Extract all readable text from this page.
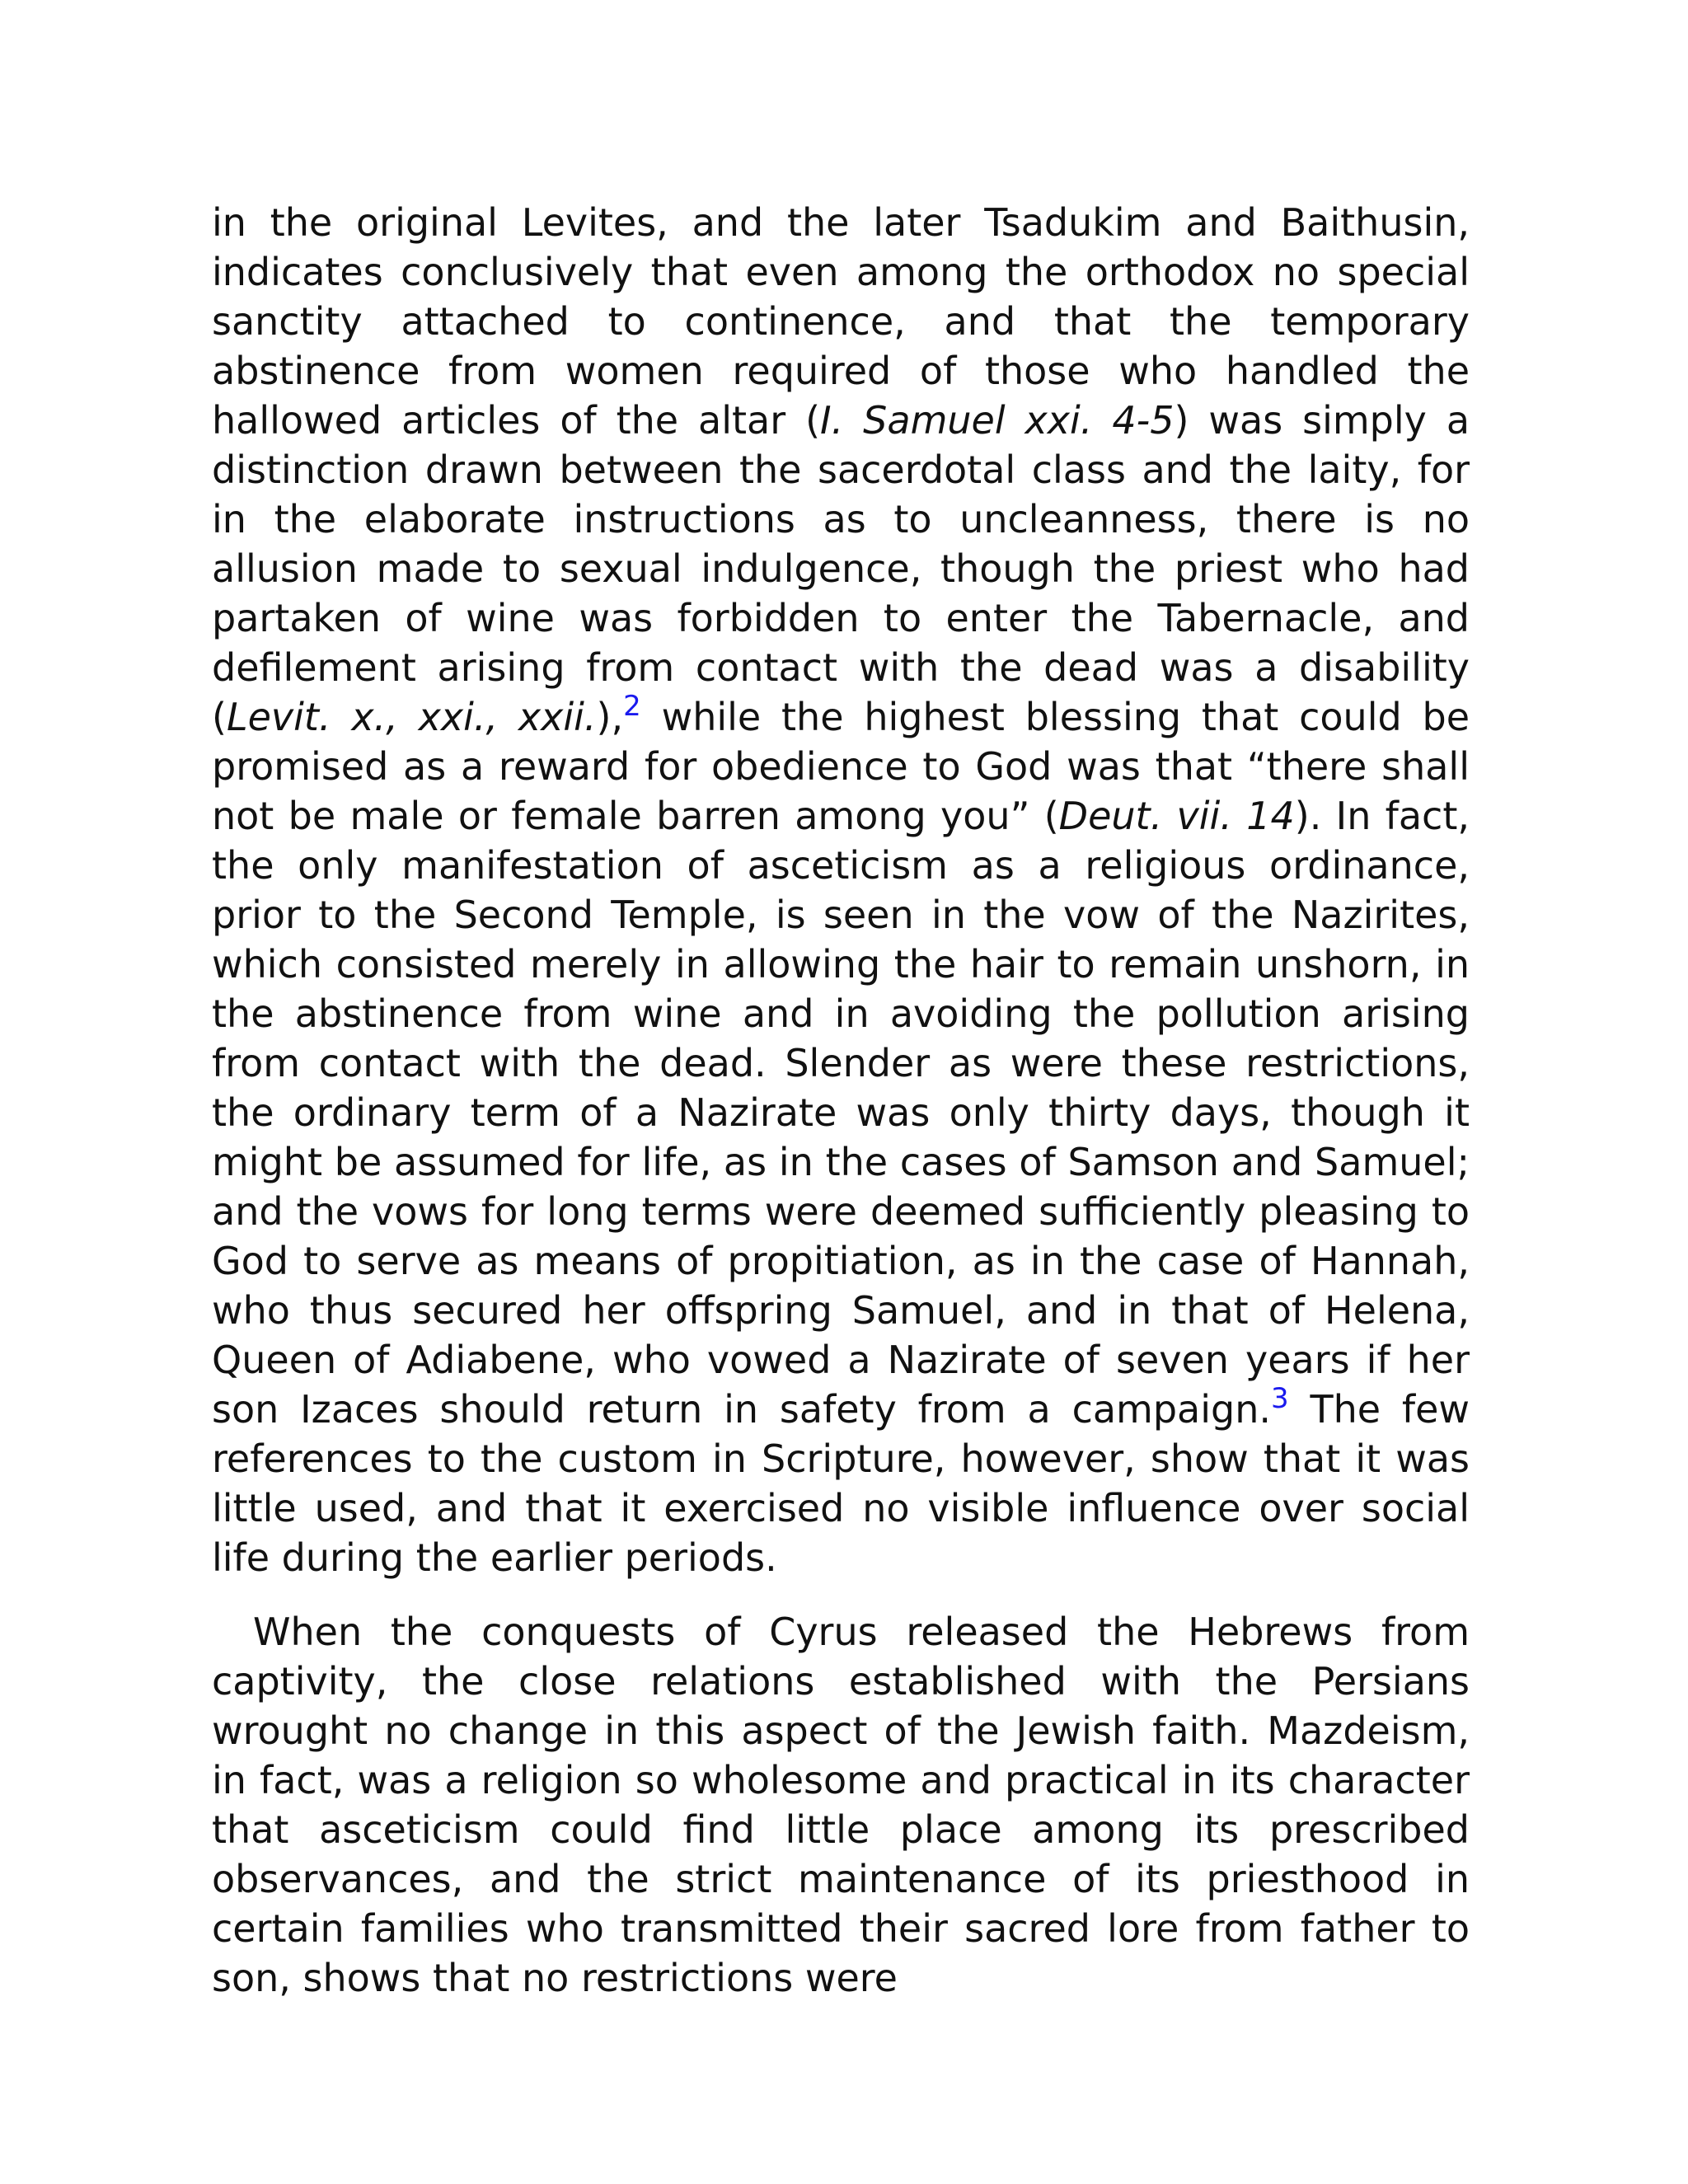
in the original Levites, and the later Tsadukim and Baithusin, indicates conclusively that even among the orthodox no special sanctity attached to continence, and that the temporary abstinence from women required of those who handled the hallowed articles of the altar (I. Samuel xxi. 4-5) was simply a distinction drawn between the sacerdotal class and the laity, for in the elaborate instructions as to uncleanness, there is no allusion made to sexual indulgence, though the priest who had partaken of wine was forbidden to enter the Tabernacle, and defilement arising from contact with the dead was a disability (Levit. x., xxi., xxii.),$^2$ while the highest blessing that could be promised as a reward for obedience to God was that “there shall not be male or female barren among you” (Deut. vii. 14). In fact, the only manifestation of asceticism as a religious ordinance, prior to the Second Temple, is seen in the vow of the Nazirites, which consisted merely in allowing the hair to remain unshorn, in the abstinence from wine and in avoiding the pollution arising from contact with the dead. Slender as were these restrictions, the ordinary term of a Nazirate was only thirty days, though it might be assumed for life, as in the cases of Samson and Samuel; and the vows for long terms were deemed sufficiently pleasing to God to serve as means of propitiation, as in the case of Hannah, who thus secured her offspring Samuel, and in that of Helena, Queen of Adiabene, who vowed a Nazirate of seven years if her son Izaces should return in safety from a campaign.$^3$ The few references to the custom in Scripture, however, show that it was little used, and that it exercised no visible influence over social life during the earlier periods.

When the conquests of Cyrus released the Hebrews from captivity, the close relations established with the Persians wrought no change in this aspect of the Jewish faith. Mazdeism, in fact, was a religion so wholesome and practical in its character that asceticism could find little place among its prescribed observances, and the strict maintenance of its priesthood in certain families who transmitted their sacred lore from father to son, shows that no restrictions were
